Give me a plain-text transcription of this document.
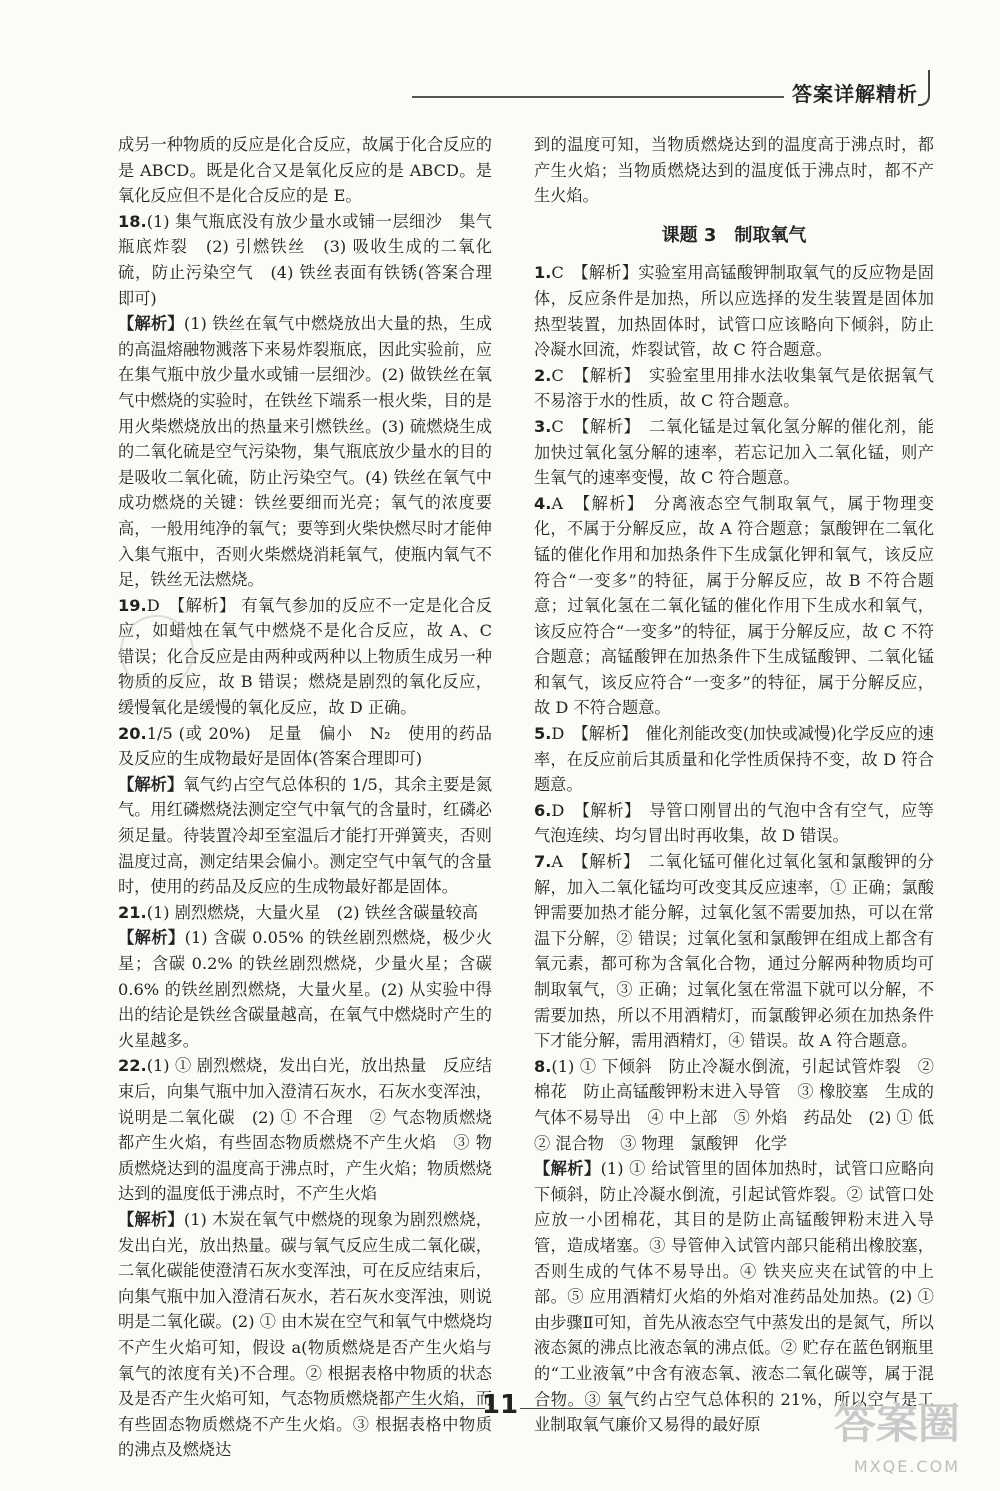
答案详解精析
成另一种物质的反应是化合反应，故属于化合反应的是 ABCD。既是化合又是氧化反应的是 ABCD。是氧化反应但不是化合反应的是 E。
18.(1) 集气瓶底没有放少量水或铺一层细沙　集气瓶底炸裂　(2) 引燃铁丝　(3) 吸收生成的二氧化硫，防止污染空气　(4) 铁丝表面有铁锈(答案合理即可)
【解析】(1) 铁丝在氧气中燃烧放出大量的热，生成的高温熔融物溅落下来易炸裂瓶底，因此实验前，应在集气瓶中放少量水或铺一层细沙。(2) 做铁丝在氧气中燃烧的实验时，在铁丝下端系一根火柴，目的是用火柴燃烧放出的热量来引燃铁丝。(3) 硫燃烧生成的二氧化硫是空气污染物，集气瓶底放少量水的目的是吸收二氧化硫，防止污染空气。(4) 铁丝在氧气中成功燃烧的关键：铁丝要细而光亮；氧气的浓度要高，一般用纯净的氧气；要等到火柴快燃尽时才能伸入集气瓶中，否则火柴燃烧消耗氧气，使瓶内氧气不足，铁丝无法燃烧。
19.D　【解析】 有氧气参加的反应不一定是化合反应，如蜡烛在氧气中燃烧不是化合反应，故 A、C 错误；化合反应是由两种或两种以上物质生成另一种物质的反应，故 B 错误；燃烧是剧烈的氧化反应，缓慢氧化是缓慢的氧化反应，故 D 正确。
20.1/5 (或 20%)　足量　偏小　N₂　使用的药品及反应的生成物最好是固体(答案合理即可)
【解析】氧气约占空气总体积的 1/5，其余主要是氮气。用红磷燃烧法测定空气中氧气的含量时，红磷必须足量。待装置冷却至室温后才能打开弹簧夹，否则温度过高，测定结果会偏小。测定空气中氧气的含量时，使用的药品及反应的生成物最好都是固体。
21.(1) 剧烈燃烧，大量火星　(2) 铁丝含碳量较高
【解析】(1) 含碳 0.05% 的铁丝剧烈燃烧，极少火星；含碳 0.2% 的铁丝剧烈燃烧，少量火星；含碳 0.6% 的铁丝剧烈燃烧，大量火星。(2) 从实验中得出的结论是铁丝含碳量越高，在氧气中燃烧时产生的火星越多。
22.(1) ① 剧烈燃烧，发出白光，放出热量　反应结束后，向集气瓶中加入澄清石灰水，石灰水变浑浊，说明是二氧化碳　(2) ① 不合理　② 气态物质燃烧都产生火焰，有些固态物质燃烧不产生火焰　③ 物质燃烧达到的温度高于沸点时，产生火焰；物质燃烧达到的温度低于沸点时，不产生火焰
【解析】(1) 木炭在氧气中燃烧的现象为剧烈燃烧，发出白光，放出热量。碳与氧气反应生成二氧化碳，二氧化碳能使澄清石灰水变浑浊，可在反应结束后，向集气瓶中加入澄清石灰水，若石灰水变浑浊，则说明是二氧化碳。(2) ① 由木炭在空气和氧气中燃烧均不产生火焰可知，假设 a(物质燃烧是否产生火焰与氧气的浓度有关)不合理。② 根据表格中物质的状态及是否产生火焰可知，气态物质燃烧都产生火焰，而有些固态物质燃烧不产生火焰。③ 根据表格中物质的沸点及燃烧达
到的温度可知，当物质燃烧达到的温度高于沸点时，都产生火焰；当物质燃烧达到的温度低于沸点时，都不产生火焰。
课题 3　制取氧气
1.C　【解析】实验室用高锰酸钾制取氧气的反应物是固体，反应条件是加热，所以应选择的发生装置是固体加热型装置，加热固体时，试管口应该略向下倾斜，防止冷凝水回流，炸裂试管，故 C 符合题意。
2.C　【解析】　实验室里用排水法收集氧气是依据氧气不易溶于水的性质，故 C 符合题意。
3.C　【解析】　二氧化锰是过氧化氢分解的催化剂，能加快过氧化氢分解的速率，若忘记加入二氧化锰，则产生氧气的速率变慢，故 C 符合题意。
4.A　【解析】　分离液态空气制取氧气，属于物理变化，不属于分解反应，故 A 符合题意；氯酸钾在二氧化锰的催化作用和加热条件下生成氯化钾和氧气，该反应符合“一变多”的特征，属于分解反应，故 B 不符合题意；过氧化氢在二氧化锰的催化作用下生成水和氧气，该反应符合“一变多”的特征，属于分解反应，故 C 不符合题意；高锰酸钾在加热条件下生成锰酸钾、二氧化锰和氧气，该反应符合“一变多”的特征，属于分解反应，故 D 不符合题意。
5.D　【解析】　催化剂能改变(加快或减慢)化学反应的速率，在反应前后其质量和化学性质保持不变，故 D 符合题意。
6.D　【解析】　导管口刚冒出的气泡中含有空气，应等气泡连续、均匀冒出时再收集，故 D 错误。
7.A　【解析】　二氧化锰可催化过氧化氢和氯酸钾的分解，加入二氧化锰均可改变其反应速率，① 正确；氯酸钾需要加热才能分解，过氧化氢不需要加热，可以在常温下分解，② 错误；过氧化氢和氯酸钾在组成上都含有氧元素，都可称为含氧化合物，通过分解两种物质均可制取氧气，③ 正确；过氧化氢在常温下就可以分解，不需要加热，所以不用酒精灯，而氯酸钾必须在加热条件下才能分解，需用酒精灯，④ 错误。故 A 符合题意。
8.(1) ① 下倾斜　防止冷凝水倒流，引起试管炸裂　② 棉花　防止高锰酸钾粉末进入导管　③ 橡胶塞　生成的气体不易导出　④ 中上部　⑤ 外焰　药品处　(2) ① 低　② 混合物　③ 物理　氯酸钾　化学
【解析】(1) ① 给试管里的固体加热时，试管口应略向下倾斜，防止冷凝水倒流，引起试管炸裂。② 试管口处应放一小团棉花，其目的是防止高锰酸钾粉末进入导管，造成堵塞。③ 导管伸入试管内部只能稍出橡胶塞，否则生成的气体不易导出。④ 铁夹应夹在试管的中上部。⑤ 应用酒精灯火焰的外焰对准药品处加热。(2) ① 由步骤Ⅱ可知，首先从液态空气中蒸发出的是氮气，所以液态氮的沸点比液态氧的沸点低。② 贮存在蓝色钢瓶里的“工业液氧”中含有液态氧、液态二氧化碳等，属于混合物。③ 氧气约占空气总体积的 21%，所以空气是工业制取氧气廉价又易得的最好原
11	答案圈
MXQE.COM
